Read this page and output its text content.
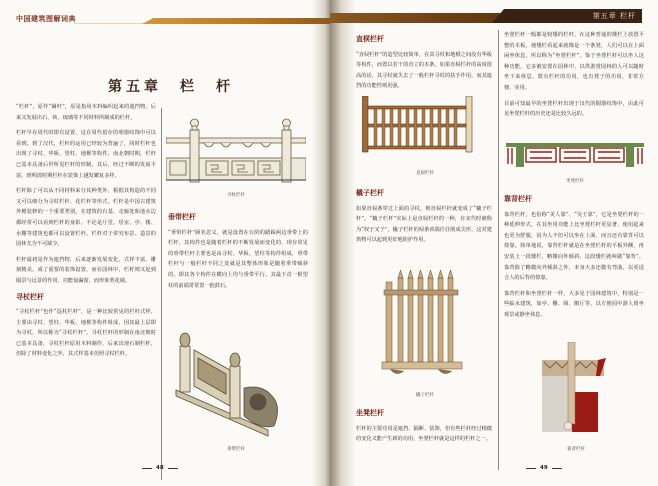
中国建筑图解词典
第五章　栏　杆

“栏杆”，原作“阑杆”，原是指用木料编织起来的遮挡物，后来又发展出石、砖、琉璃等不同材料所制成的栏杆。

栏杆早在周代时即有设置，这在周代留存的明器纹饰中可以看到。到了汉代，栏杆的运用已经较为普遍了，同时栏杆也出现了寻杖、华板、望柱、地栿等构件。南北朝时期，栏杆已基本具备后世所见栏杆的形制。其后，经过不断的发展丰富，到明清时期栏杆在装饰上越发繁复多样。

栏杆除了可以从不同材料来分其种类外，根据其构造的不同又可以细分为寻杖栏杆、花栏杆等形式。栏杆是中国古建筑外檐装修的一个重要类别，在建筑的台基、走廊处和池水边都经常可以看到栏杆的身影。不论是厅堂、居室、亭、楼、水榭等建筑也都可以设置栏杆。栏杆对于讲究布景、造景的园林尤为不可缺少。

栏杆最初是作为遮挡物，后来逐渐发展变化，式样丰富，雕刻精美，成了重要的装饰设置，而在园林中，栏杆则又起到隔景与远景的作用，功能似漏窗，而形象类花墙。

寻杖栏杆

“寻杖栏杆”也作“巡杖栏杆”，是一种比较常见的栏杆式样，主要由寻杖、望柱、华板、地栿等构件组成，因其最上层即为寻杖，所以称为“寻杖栏杆”。寻杖栏杆的形制在南北朝时已基本具备，寻杖栏杆原用木料制作，后来出现石制栏杆，但除了材料变化之外，其式样基本仿照寻杖栏杆。

寻杖栏杆
垂带栏杆

“垂带栏杆”顾名思义，就是设置在台阶的踏跺两边垂带上的栏杆，其构件也是随着栏杆的不断发展而变化的，现存常见的垂带栏杆主要也是由寻杖、华板、望柱等构件组成，垂带栏杆与一般栏杆不同之处就是其整体形象是随着垂带倾斜的，即其各个构件在横向上均与垂带平行。其最下首一根望柱的前端常常置一抱鼓石。

垂带栏杆
48
第五章 栏杆
直棂栏杆

“直棂栏杆”的造型比较简单，在其寻杖和地栿之间没有华板等构件，而置以若干的直立的木条。如果直棂栏杆的高度很高的话，其寻杖就失去了一般栏杆寻杖的扶手作用，而其遮挡的功能性则更强。

直棂栏杆
橇子栏杆

如果直棂条穿过上面的寻杖，则直棂栏杆就变成了“橇子栏杆”。“橇子栏杆”实际上是直棂栏杆的一种，在宋代时被称为“杈子叉子”，橇子栏杆的棂条顶端往往削成尖形，这对建筑物可以起到更好地防护作用。

橇子栏杆
坐凳栏杆

栏杆的主要功用是遮挡、隔断、装饰，但有些栏杆经过稍微的变化又能产生新的功用，坐凳栏杆就是这样的栏杆之一。

坐凳栏杆一般都是较矮的栏杆，在这种普通的矮栏上放置平整的木板，使矮栏看起来就像是一个条凳，人们可以在上面闲坐休息，所以称为“坐凳栏杆”。鉴于坐凳栏杆可以坐人这种功能，它多被安置在园林中，以供游赏园林的人可以随时坐下来休息，既有栏杆的功用，也有凳子的功用，非常方便、实用。

目前可知最早的坐凳栏杆出现于汉代的铜器纹饰中，由此可见坐凳栏杆的历史还是比较久远的。

坐凳栏杆
靠背栏杆

靠背栏杆，也俗称“美人靠”、“吴王靠”，它是坐凳栏杆的一种延伸形式，在其坐用功能上比坐凳栏杆更显著，使用起来也更为舒服，因为人不但可以坐在上面，而且还有靠背可以倚靠。简单地说，靠背栏杆就是在坐凳栏杆的平板外侧，再安装上一段矮栏，略微向外倾斜，这段矮栏就叫做“靠背”。靠背除了略微向外倾斜之外，本身大多还微有弯曲，以更适合人的后背的倚靠。

靠背栏杆和坐凳栏杆一样，大多见于园林建筑中，特别是一些临水建筑，如亭、榭、阁、敞厅等，以方便园中游人倚坐观景或静坐休息。

靠背栏杆
49
